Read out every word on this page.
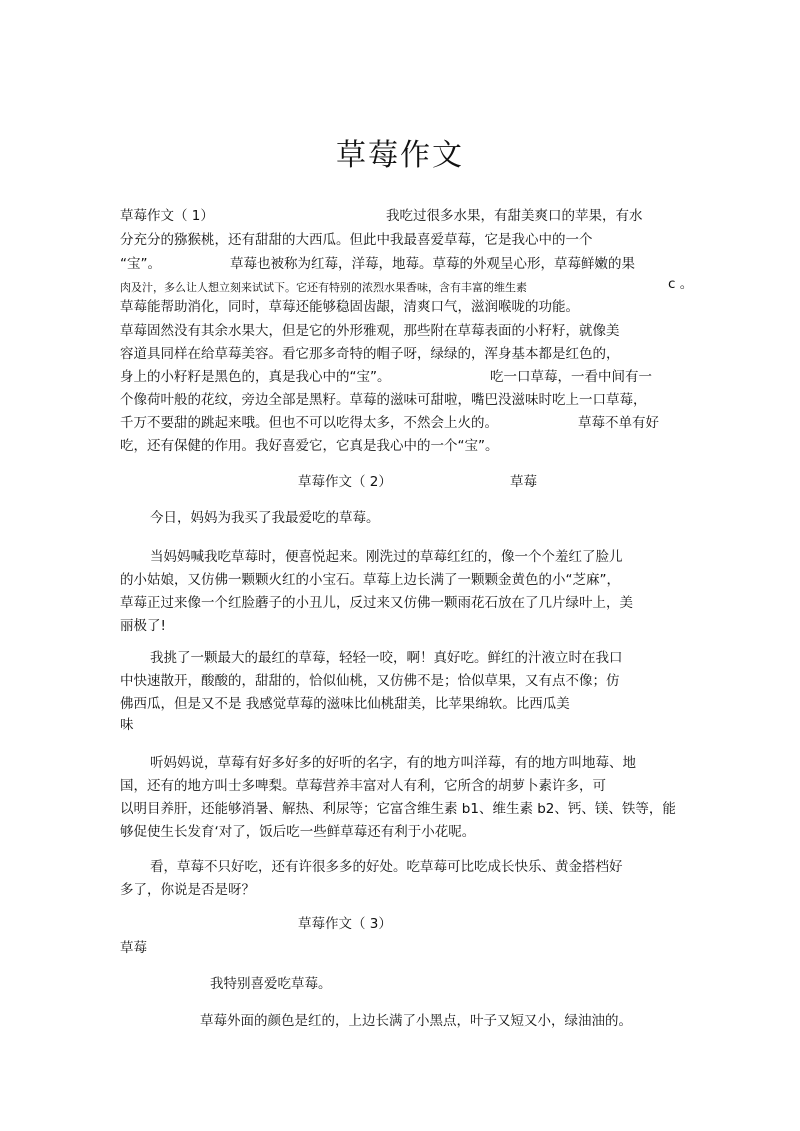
草莓作文
草莓作文（ 1）	我吃过很多水果，有甜美爽口的苹果，有水
分充分的猕猴桃，还有甜甜的大西瓜。但此中我最喜爱草莓，它是我心中的一个
“宝”。	草莓也被称为红莓，洋莓，地莓。草莓的外观呈心形，草莓鲜嫩的果
肉及汁，多么让人想立刻来试试下。它还有特别的浓烈水果香味，含有丰富的维生素	c 。
草莓能帮助消化，同时，草莓还能够稳固齿龈，清爽口气，滋润喉咙的功能。
草莓固然没有其余水果大，但是它的外形雅观，那些附在草莓表面的小籽籽，就像美
容道具同样在给草莓美容。看它那多奇特的帽子呀，绿绿的，浑身基本都是红色的，
身上的小籽籽是黑色的，真是我心中的“宝”。	吃一口草莓，一看中间有一
个像荷叶般的花纹，旁边全部是黑籽。草莓的滋味可甜啦，嘴巴没滋味时吃上一口草莓，
千万不要甜的跳起来哦。但也不可以吃得太多，不然会上火的。	草莓不单有好
吃，还有保健的作用。我好喜爱它，它真是我心中的一个“宝”。
草莓作文（ 2）	草莓
今日，妈妈为我买了我最爱吃的草莓。
当妈妈喊我吃草莓时，便喜悦起来。刚洗过的草莓红红的，像一个个羞红了脸儿
的小姑娘，又仿佛一颗颗火红的小宝石。草莓上边长满了一颗颗金黄色的小“芝麻”，
草莓正过来像一个红脸蘑子的小丑儿，反过来又仿佛一颗雨花石放在了几片绿叶上，美
丽极了!
我挑了一颗最大的最红的草莓，轻轻一咬，啊！真好吃。鲜红的汁液立时在我口
中快速散开，酸酸的，甜甜的，恰似仙桃，又仿佛不是；恰似草果，又有点不像；仿
佛西瓜，但是又不是 我感觉草莓的滋味比仙桃甜美，比苹果绵软。比西瓜美
味
听妈妈说，草莓有好多好多的好听的名字，有的地方叫洋莓，有的地方叫地莓、地
国，还有的地方叫士多啤梨。草莓营养丰富对人有利，它所含的胡萝卜素许多，可
以明目养肝，还能够消暑、解热、利尿等；它富含维生素 b1、维生素 b2、钙、镁、铁等，能
够促使生长发育‘对了，饭后吃一些鲜草莓还有利于小花呢。
看，草莓不只好吃，还有许很多多的好处。吃草莓可比吃成长快乐、黄金搭档好
多了，你说是否是呀？
草莓作文（ 3）
草莓
我特别喜爱吃草莓。
草莓外面的颜色是红的，上边长满了小黑点，叶子又短又小，绿油油的。
